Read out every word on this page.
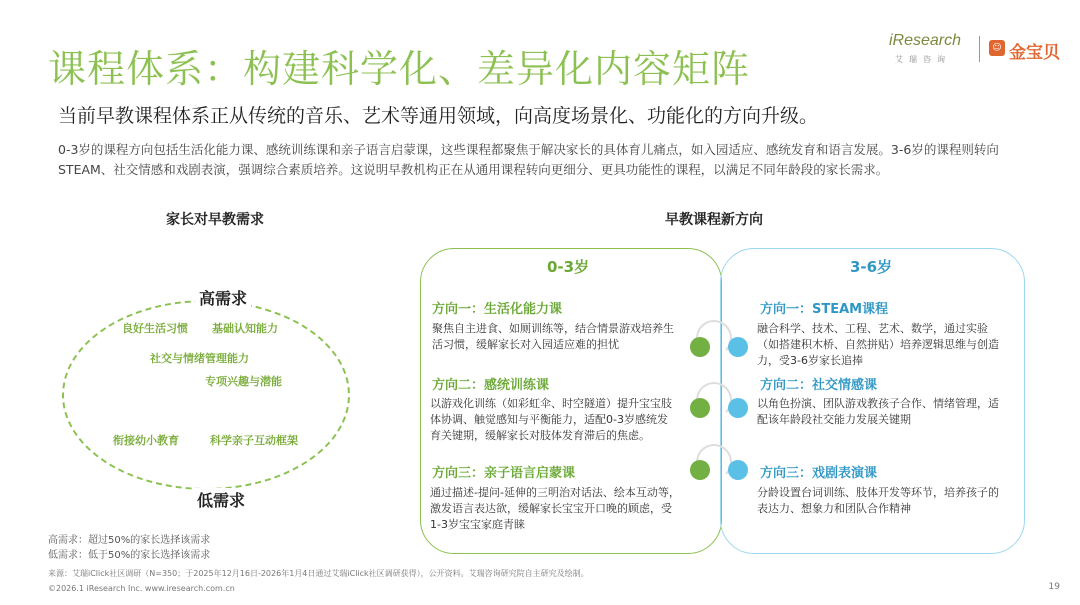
课程体系：构建科学化、差异化内容矩阵
iResearch
艾瑞咨询
☺ 金宝贝
当前早教课程体系正从传统的音乐、艺术等通用领域，向高度场景化、功能化的方向升级。
0-3岁的课程方向包括生活化能力课、感统训练课和亲子语言启蒙课，这些课程都聚焦于解决家长的具体育儿痛点，如入园适应、感统发育和语言发展。3-6岁的课程则转向STEAM、社交情感和戏剧表演，强调综合素质培养。这说明早教机构正在从通用课程转向更细分、更具功能性的课程，以满足不同年龄段的家长需求。
家长对早教需求
高需求
低需求
良好生活习惯 基础认知能力
社交与情绪管理能力
专项兴趣与潜能
衔接幼小教育	科学亲子互动框架
高需求：超过50%的家长选择该需求
低需求：低于50%的家长选择该需求
早教课程新方向
0-3岁	3-6岁
方向一：生活化能力课
聚焦自主进食、如厕训练等，结合情景游戏培养生活习惯，缓解家长对入园适应难的担忧
方向二：感统训练课
以游戏化训练（如彩虹伞、时空隧道）提升宝宝肢体协调、触觉感知与平衡能力，适配0-3岁感统发育关键期，缓解家长对肢体发育滞后的焦虑。
方向三：亲子语言启蒙课
通过描述-提问-延伸的三明治对话法、绘本互动等，激发语言表达欲，缓解家长宝宝开口晚的顾虑，受1-3岁宝宝家庭青睐
方向一：STEAM课程
融合科学、技术、工程、艺术、数学，通过实验（如搭建积木桥、自然拼贴）培养逻辑思维与创造力，受3-6岁家长追捧
方向二：社交情感课
以角色扮演、团队游戏教孩子合作、情绪管理，适配该年龄段社交能力发展关键期
方向三：戏剧表演课
分龄设置台词训练、肢体开发等环节，培养孩子的表达力、想象力和团队合作精神
来源：艾瑞iClick社区调研（N=350；于2025年12月16日-2026年1月4日通过艾瑞iClick社区调研获得），公开资料。艾瑞咨询研究院自主研究及绘制。
©2026.1 iResearch Inc. www.iresearch.com.cn	19
